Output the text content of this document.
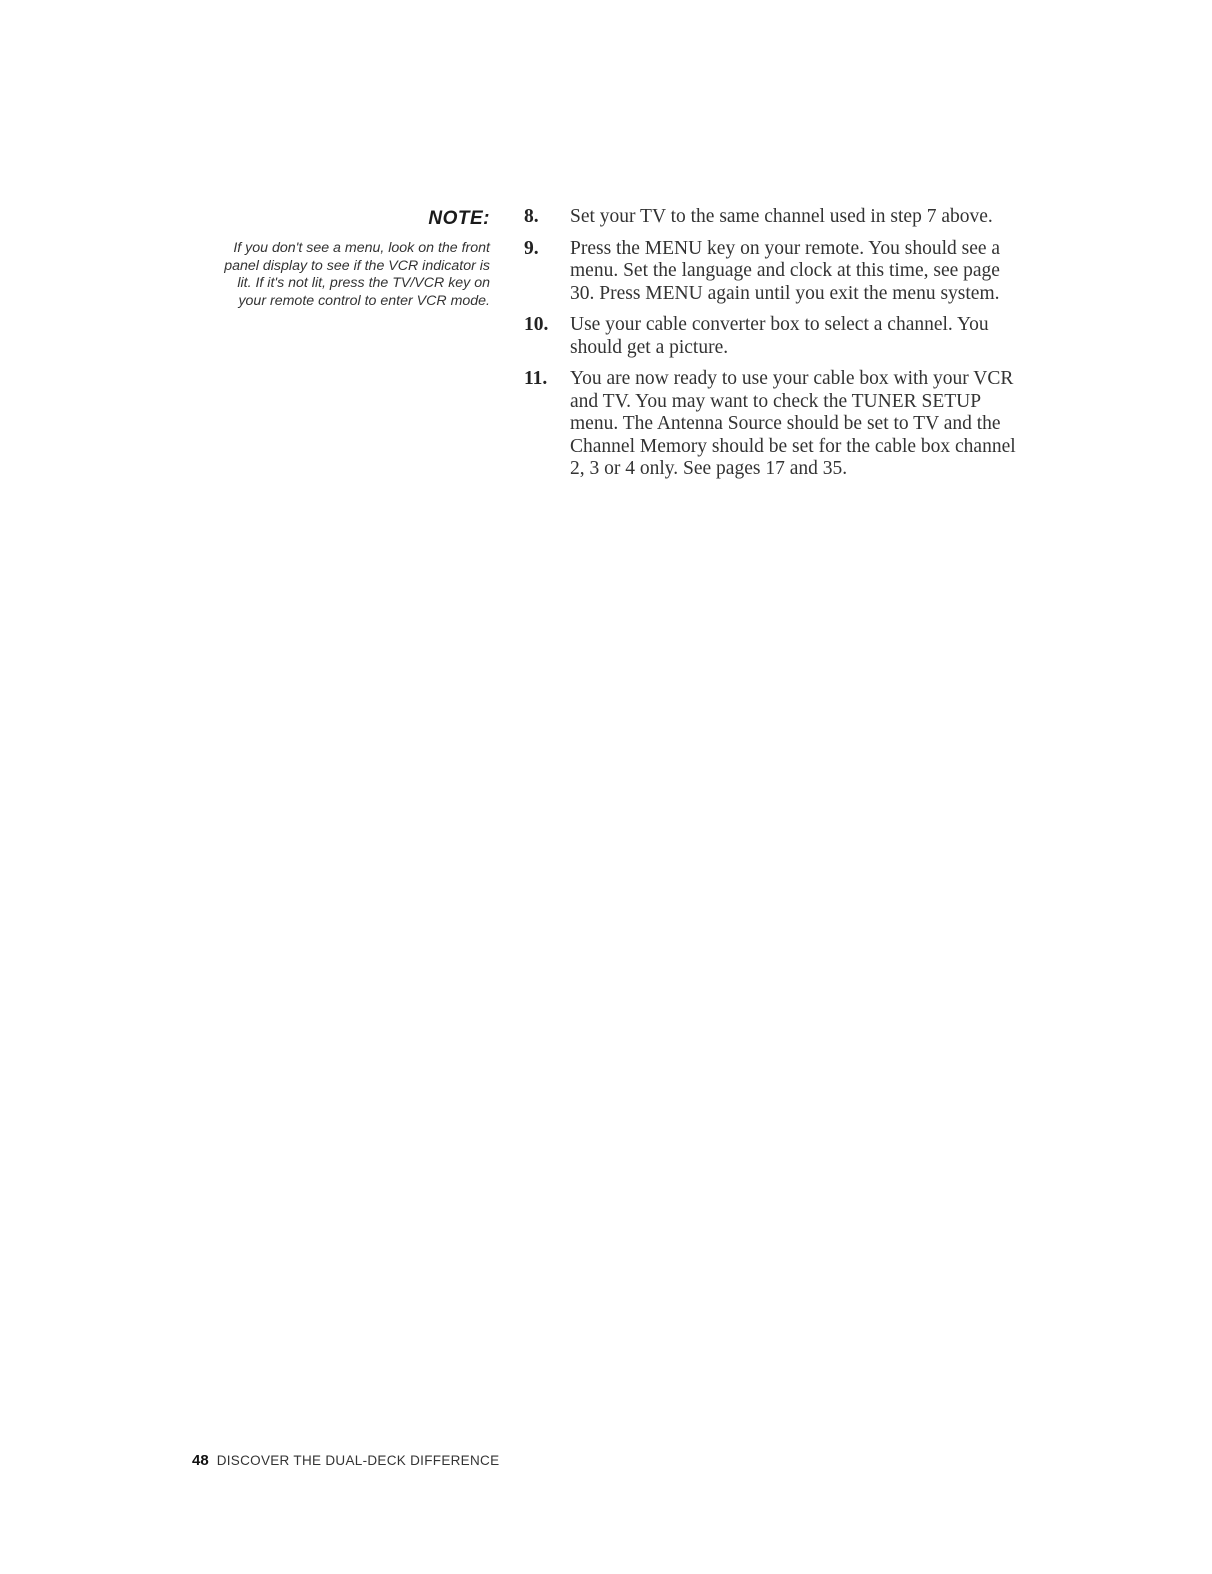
NOTE:

If you don't see a menu, look on the front panel display to see if the VCR indicator is lit. If it's not lit, press the TV/VCR key on your remote control to enter VCR mode.

8. Set your TV to the same channel used in step 7 above.
9. Press the MENU key on your remote. You should see a menu. Set the language and clock at this time, see page 30. Press MENU again until you exit the menu system.
10. Use your cable converter box to select a channel. You should get a picture.
11. You are now ready to use your cable box with your VCR and TV. You may want to check the TUNER SETUP menu. The Antenna Source should be set to TV and the Channel Memory should be set for the cable box channel 2, 3 or 4 only. See pages 17 and 35.
48 DISCOVER THE DUAL-DECK DIFFERENCE
